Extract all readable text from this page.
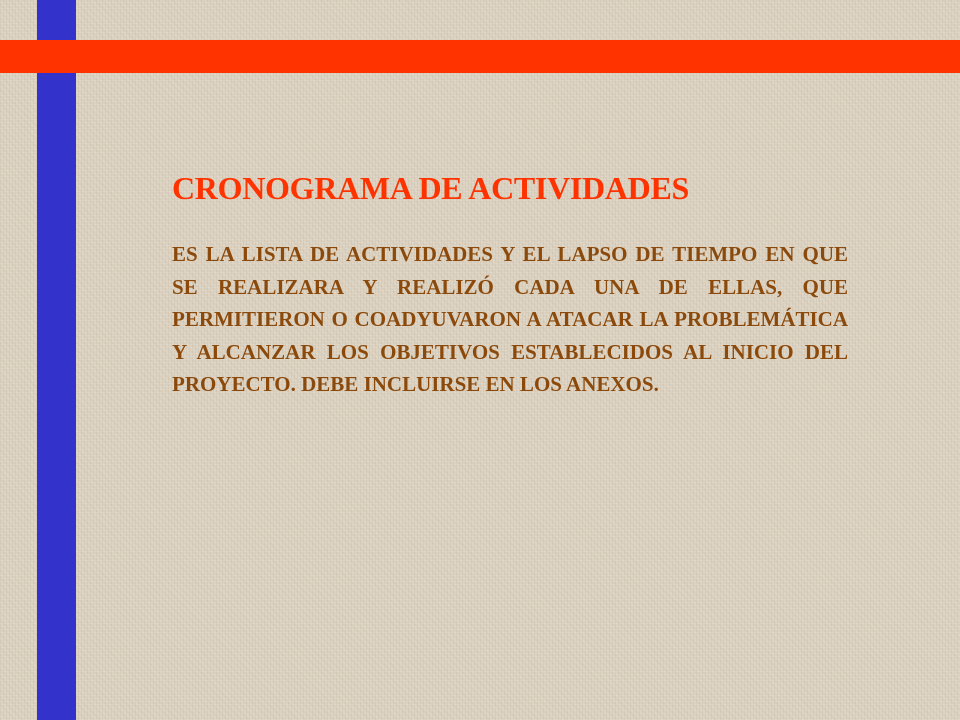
CRONOGRAMA DE ACTIVIDADES

ES LA LISTA DE ACTIVIDADES Y EL LAPSO DE TIEMPO EN QUE SE REALIZARA Y REALIZÓ CADA UNA DE ELLAS, QUE PERMITIERON O COADYUVARON A ATACAR LA PROBLEMÁTICA Y ALCANZAR LOS OBJETIVOS ESTABLECIDOS AL INICIO DEL PROYECTO. DEBE INCLUIRSE EN LOS ANEXOS.
